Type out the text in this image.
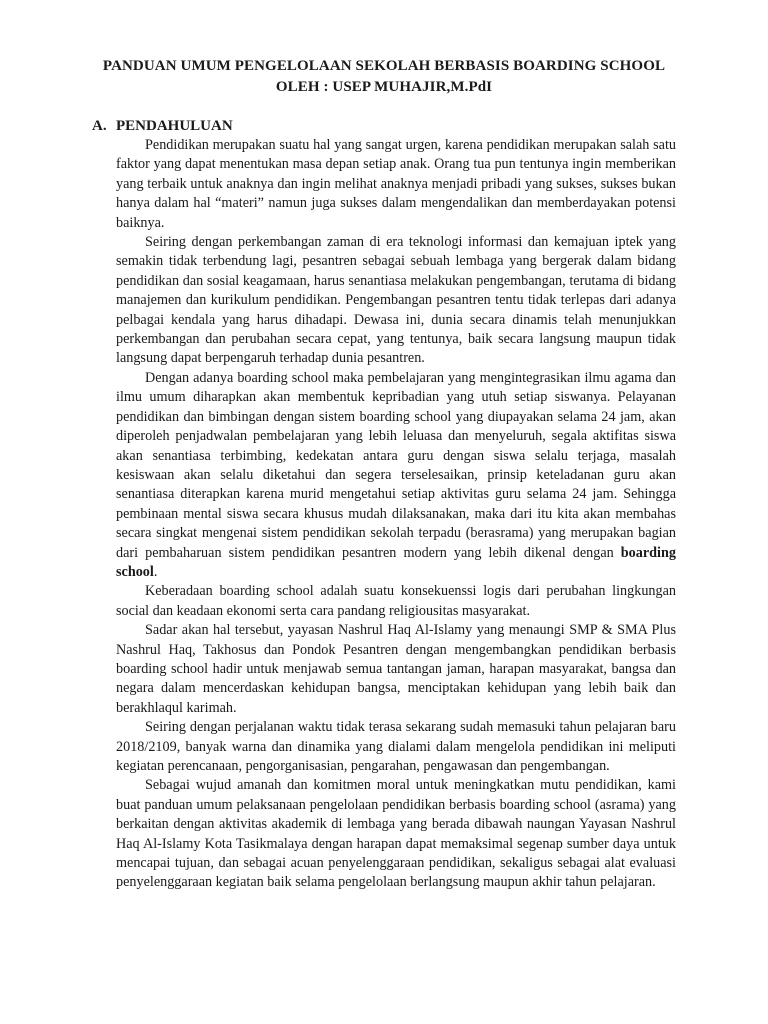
PANDUAN UMUM PENGELOLAAN SEKOLAH BERBASIS BOARDING SCHOOL
OLEH : USEP MUHAJIR,M.PdI
A. PENDAHULUAN

Pendidikan merupakan suatu hal yang sangat urgen, karena pendidikan merupakan salah satu faktor yang dapat menentukan masa depan setiap anak. Orang tua pun tentunya ingin memberikan yang terbaik untuk anaknya dan ingin melihat anaknya menjadi pribadi yang sukses, sukses bukan hanya dalam hal “materi” namun juga sukses dalam mengendalikan dan memberdayakan potensi baiknya.

Seiring dengan perkembangan zaman di era teknologi informasi dan kemajuan iptek yang semakin tidak terbendung lagi, pesantren sebagai sebuah lembaga yang bergerak dalam bidang pendidikan dan sosial keagamaan, harus senantiasa melakukan pengembangan, terutama di bidang manajemen dan kurikulum pendidikan. Pengembangan pesantren tentu tidak terlepas dari adanya pelbagai kendala yang harus dihadapi. Dewasa ini, dunia secara dinamis telah menunjukkan perkembangan dan perubahan secara cepat, yang tentunya, baik secara langsung maupun tidak langsung dapat berpengaruh terhadap dunia pesantren.

Dengan adanya boarding school maka pembelajaran yang mengintegrasikan ilmu agama dan ilmu umum diharapkan akan membentuk kepribadian yang utuh setiap siswanya. Pelayanan pendidikan dan bimbingan dengan sistem boarding school yang diupayakan selama 24 jam, akan diperoleh penjadwalan pembelajaran yang lebih leluasa dan menyeluruh, segala aktifitas siswa akan senantiasa terbimbing, kedekatan antara guru dengan siswa selalu terjaga, masalah kesiswaan akan selalu diketahui dan segera terselesaikan, prinsip keteladanan guru akan senantiasa diterapkan karena murid mengetahui setiap aktivitas guru selama 24 jam. Sehingga pembinaan mental siswa secara khusus mudah dilaksanakan, maka dari itu kita akan membahas secara singkat mengenai sistem pendidikan sekolah terpadu (berasrama) yang merupakan bagian dari pembaharuan sistem pendidikan pesantren modern yang lebih dikenal dengan boarding school.

Keberadaan boarding school adalah suatu konsekuenssi logis dari perubahan lingkungan social dan keadaan ekonomi serta cara pandang religiousitas masyarakat.

Sadar akan hal tersebut, yayasan Nashrul Haq Al-Islamy yang menaungi SMP & SMA Plus Nashrul Haq, Takhosus dan Pondok Pesantren dengan mengembangkan pendidikan berbasis boarding school hadir untuk menjawab semua tantangan jaman, harapan masyarakat, bangsa dan negara dalam mencerdaskan kehidupan bangsa, menciptakan kehidupan yang lebih baik dan berakhlaqul karimah.

Seiring dengan perjalanan waktu tidak terasa sekarang sudah memasuki tahun pelajaran baru 2018/2109, banyak warna dan dinamika yang dialami dalam mengelola pendidikan ini meliputi kegiatan perencanaan, pengorganisasian, pengarahan, pengawasan dan pengembangan.

Sebagai wujud amanah dan komitmen moral untuk meningkatkan mutu pendidikan, kami buat panduan umum pelaksanaan pengelolaan pendidikan berbasis boarding school (asrama) yang berkaitan dengan aktivitas akademik di lembaga yang berada dibawah naungan Yayasan Nashrul Haq Al-Islamy Kota Tasikmalaya dengan harapan dapat memaksimal segenap sumber daya untuk mencapai tujuan, dan sebagai acuan penyelenggaraan pendidikan, sekaligus sebagai alat evaluasi penyelenggaraan kegiatan baik selama pengelolaan berlangsung maupun akhir tahun pelajaran.
